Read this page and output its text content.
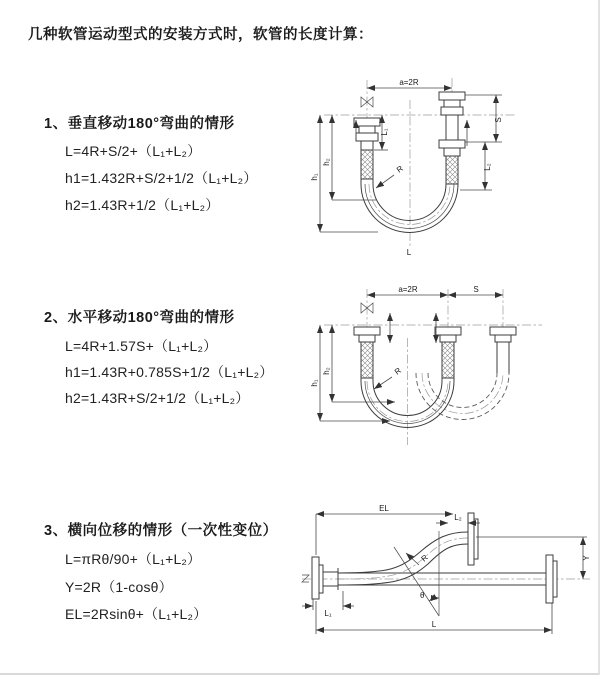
几种软管运动型式的安装方式时，软管的长度计算：
1、垂直移动180°弯曲的情形
L=4R+S/2+（L₁+L₂）
h1=1.432R+S/2+1/2（L₁+L₂）
h2=1.43R+1/2（L₁+L₂）
2、水平移动180°弯曲的情形
L=4R+1.57S+（L₁+L₂）
h1=1.43R+0.785S+1/2（L₁+L₂）
h2=1.43R+S/2+1/2（L₁+L₂）
3、横向位移的情形（一次性变位）
L=πRθ/90+（L₁+L₂）
Y=2R（1-cosθ）
EL=2Rsinθ+（L₁+L₂）
a=2R
h₁
h₂
L₁
S
L₂
R
L
a=2R	S
h₁
h₂	R
EL
L₂
Y
L
L₁
R
θ
